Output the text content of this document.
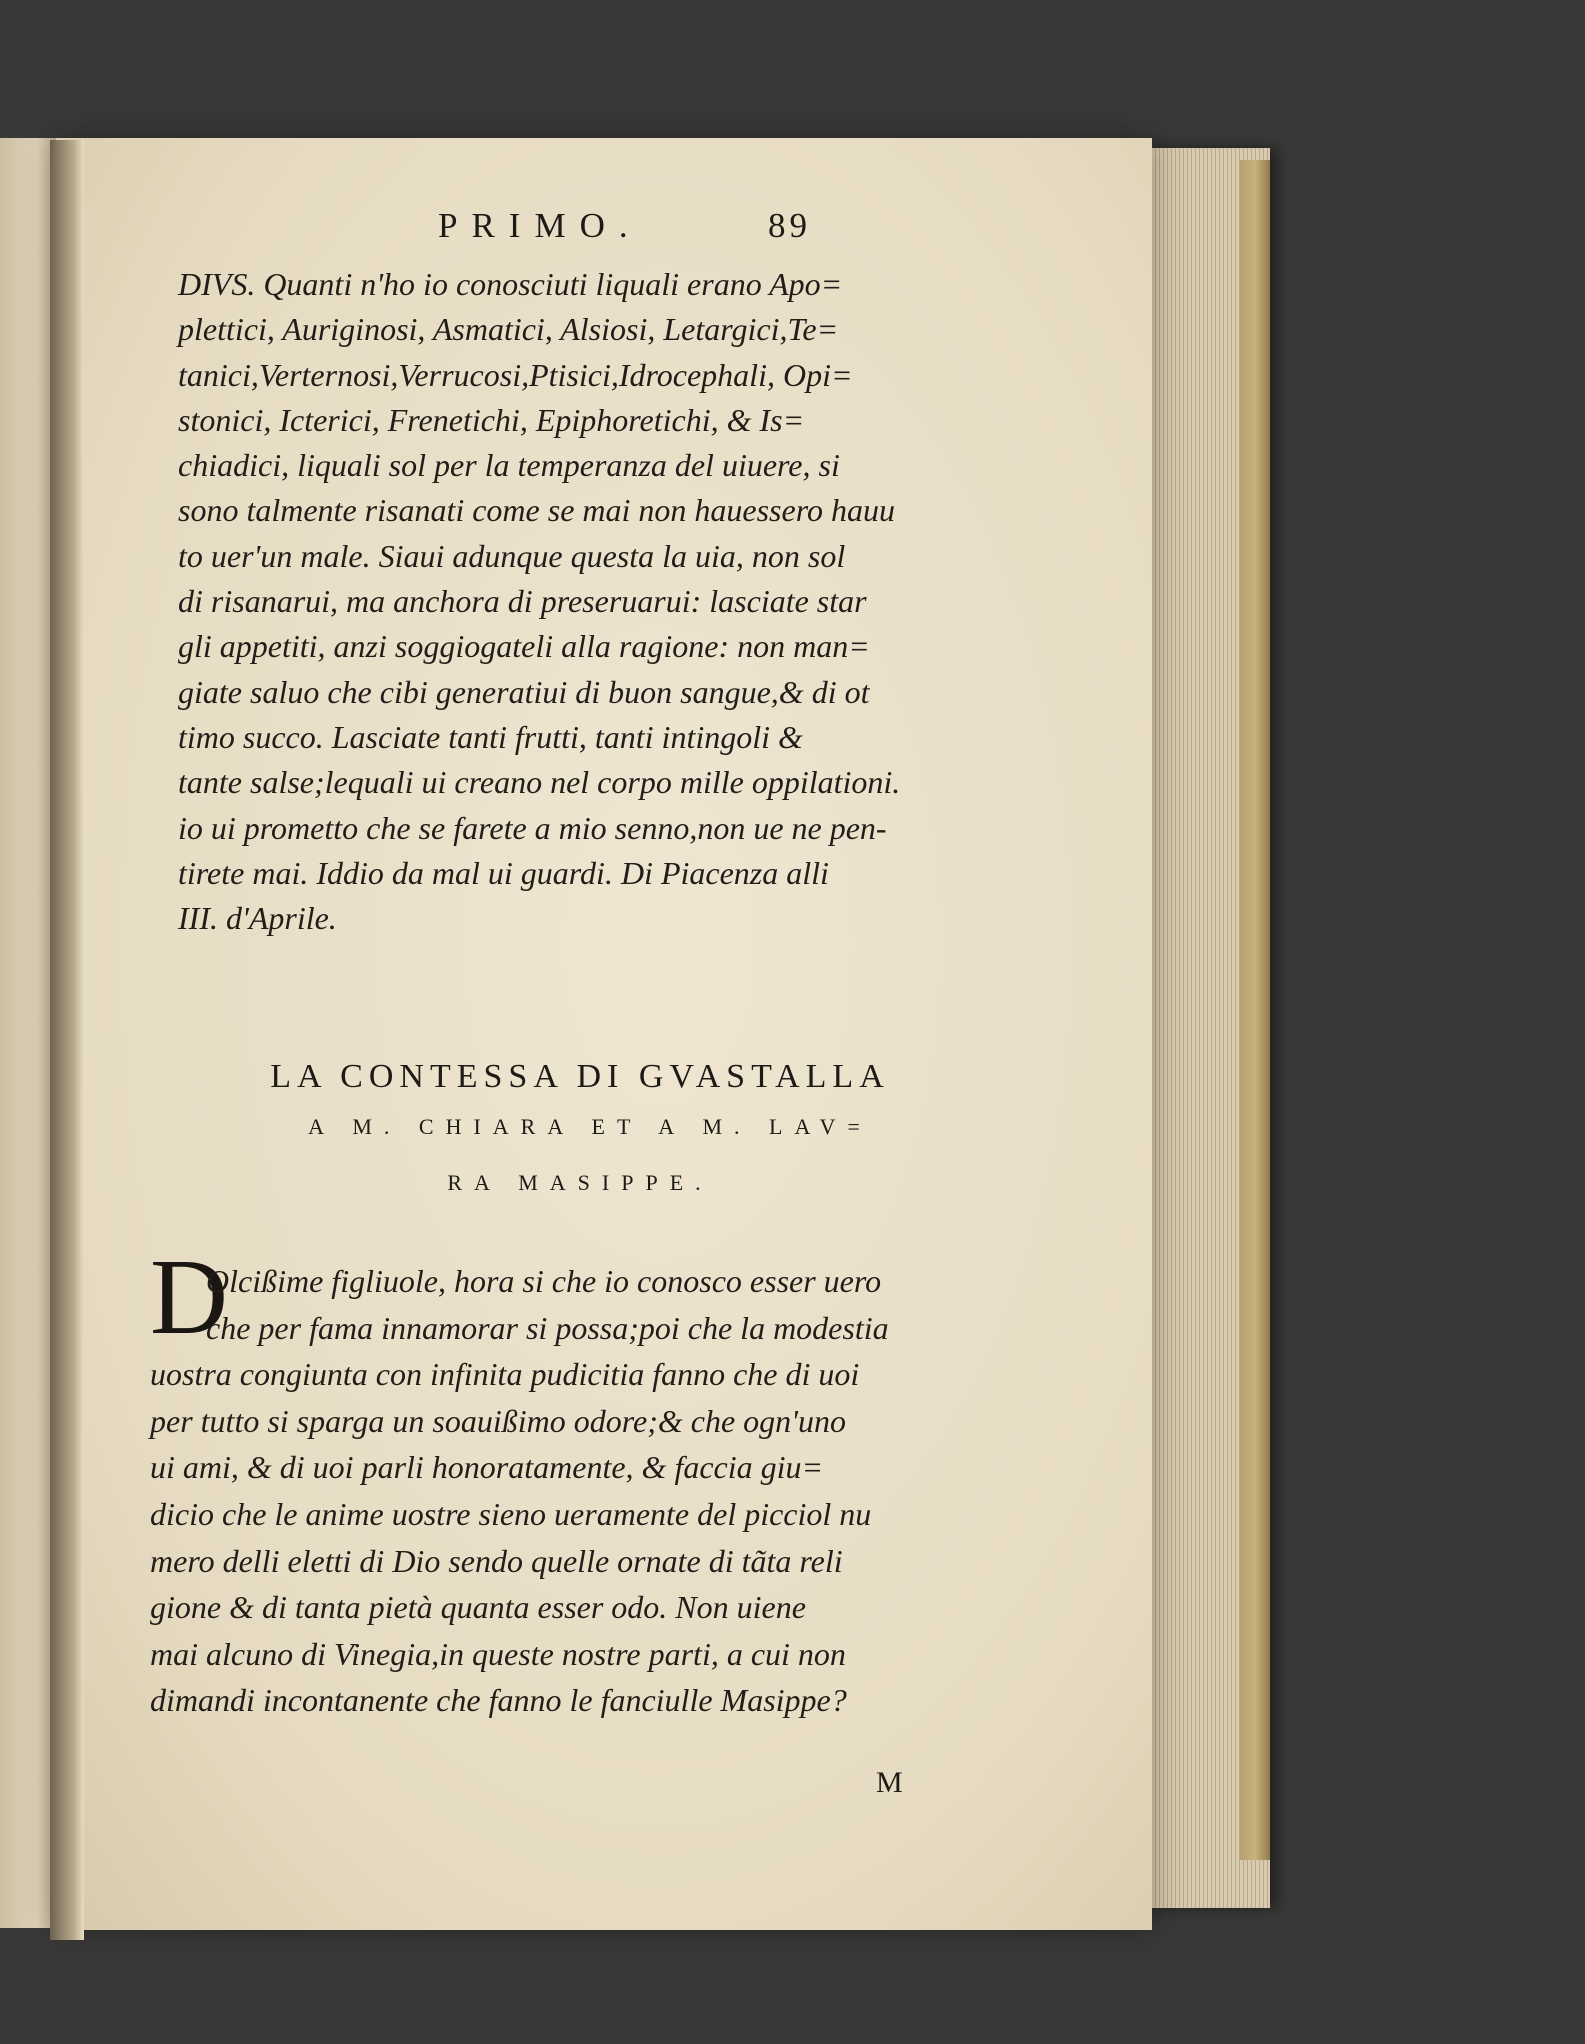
PRIMO.	89
DIVS. Quanti n'ho io conosciuti liquali erano Apo=
plettici, Auriginosi, Asmatici, Alsiosi, Letargici,Te=
tanici,Verternosi,Verrucosi,Ptisici,Idrocephali, Opi=
stonici, Icterici, Frenetichi, Epiphoretichi, & Is=
chiadici, liquali sol per la temperanza del uiuere, si
sono talmente risanati come se mai non hauessero hauu
to uer'un male. Siaui adunque questa la uia, non sol
di risanarui, ma anchora di preseruarui: lasciate star
gli appetiti, anzi soggiogateli alla ragione: non man=
giate saluo che cibi generatiui di buon sangue,& di ot
timo succo. Lasciate tanti frutti, tanti intingoli &
tante salse;lequali ui creano nel corpo mille oppilationi.
io ui prometto che se farete a mio senno,non ue ne pen-
tirete mai. Iddio da mal ui guardi. Di Piacenza alli
III. d'Aprile.
LA CONTESSA DI GVASTALLA
A M. CHIARA ET A M. LAV=
RA MASIPPE.
D
Olcißime figliuole, hora si che io conosco esser uero
che per fama innamorar si possa;poi che la modestia
uostra congiunta con infinita pudicitia fanno che di uoi
per tutto si sparga un soauißimo odore;& che ogn'uno
ui ami, & di uoi parli honoratamente, & faccia giu=
dicio che le anime uostre sieno ueramente del picciol nu
mero delli eletti di Dio sendo quelle ornate di tãta reli
gione & di tanta pietà quanta esser odo. Non uiene
mai alcuno di Vinegia,in queste nostre parti, a cui non
dimandi incontanente che fanno le fanciulle Masippe?
M
